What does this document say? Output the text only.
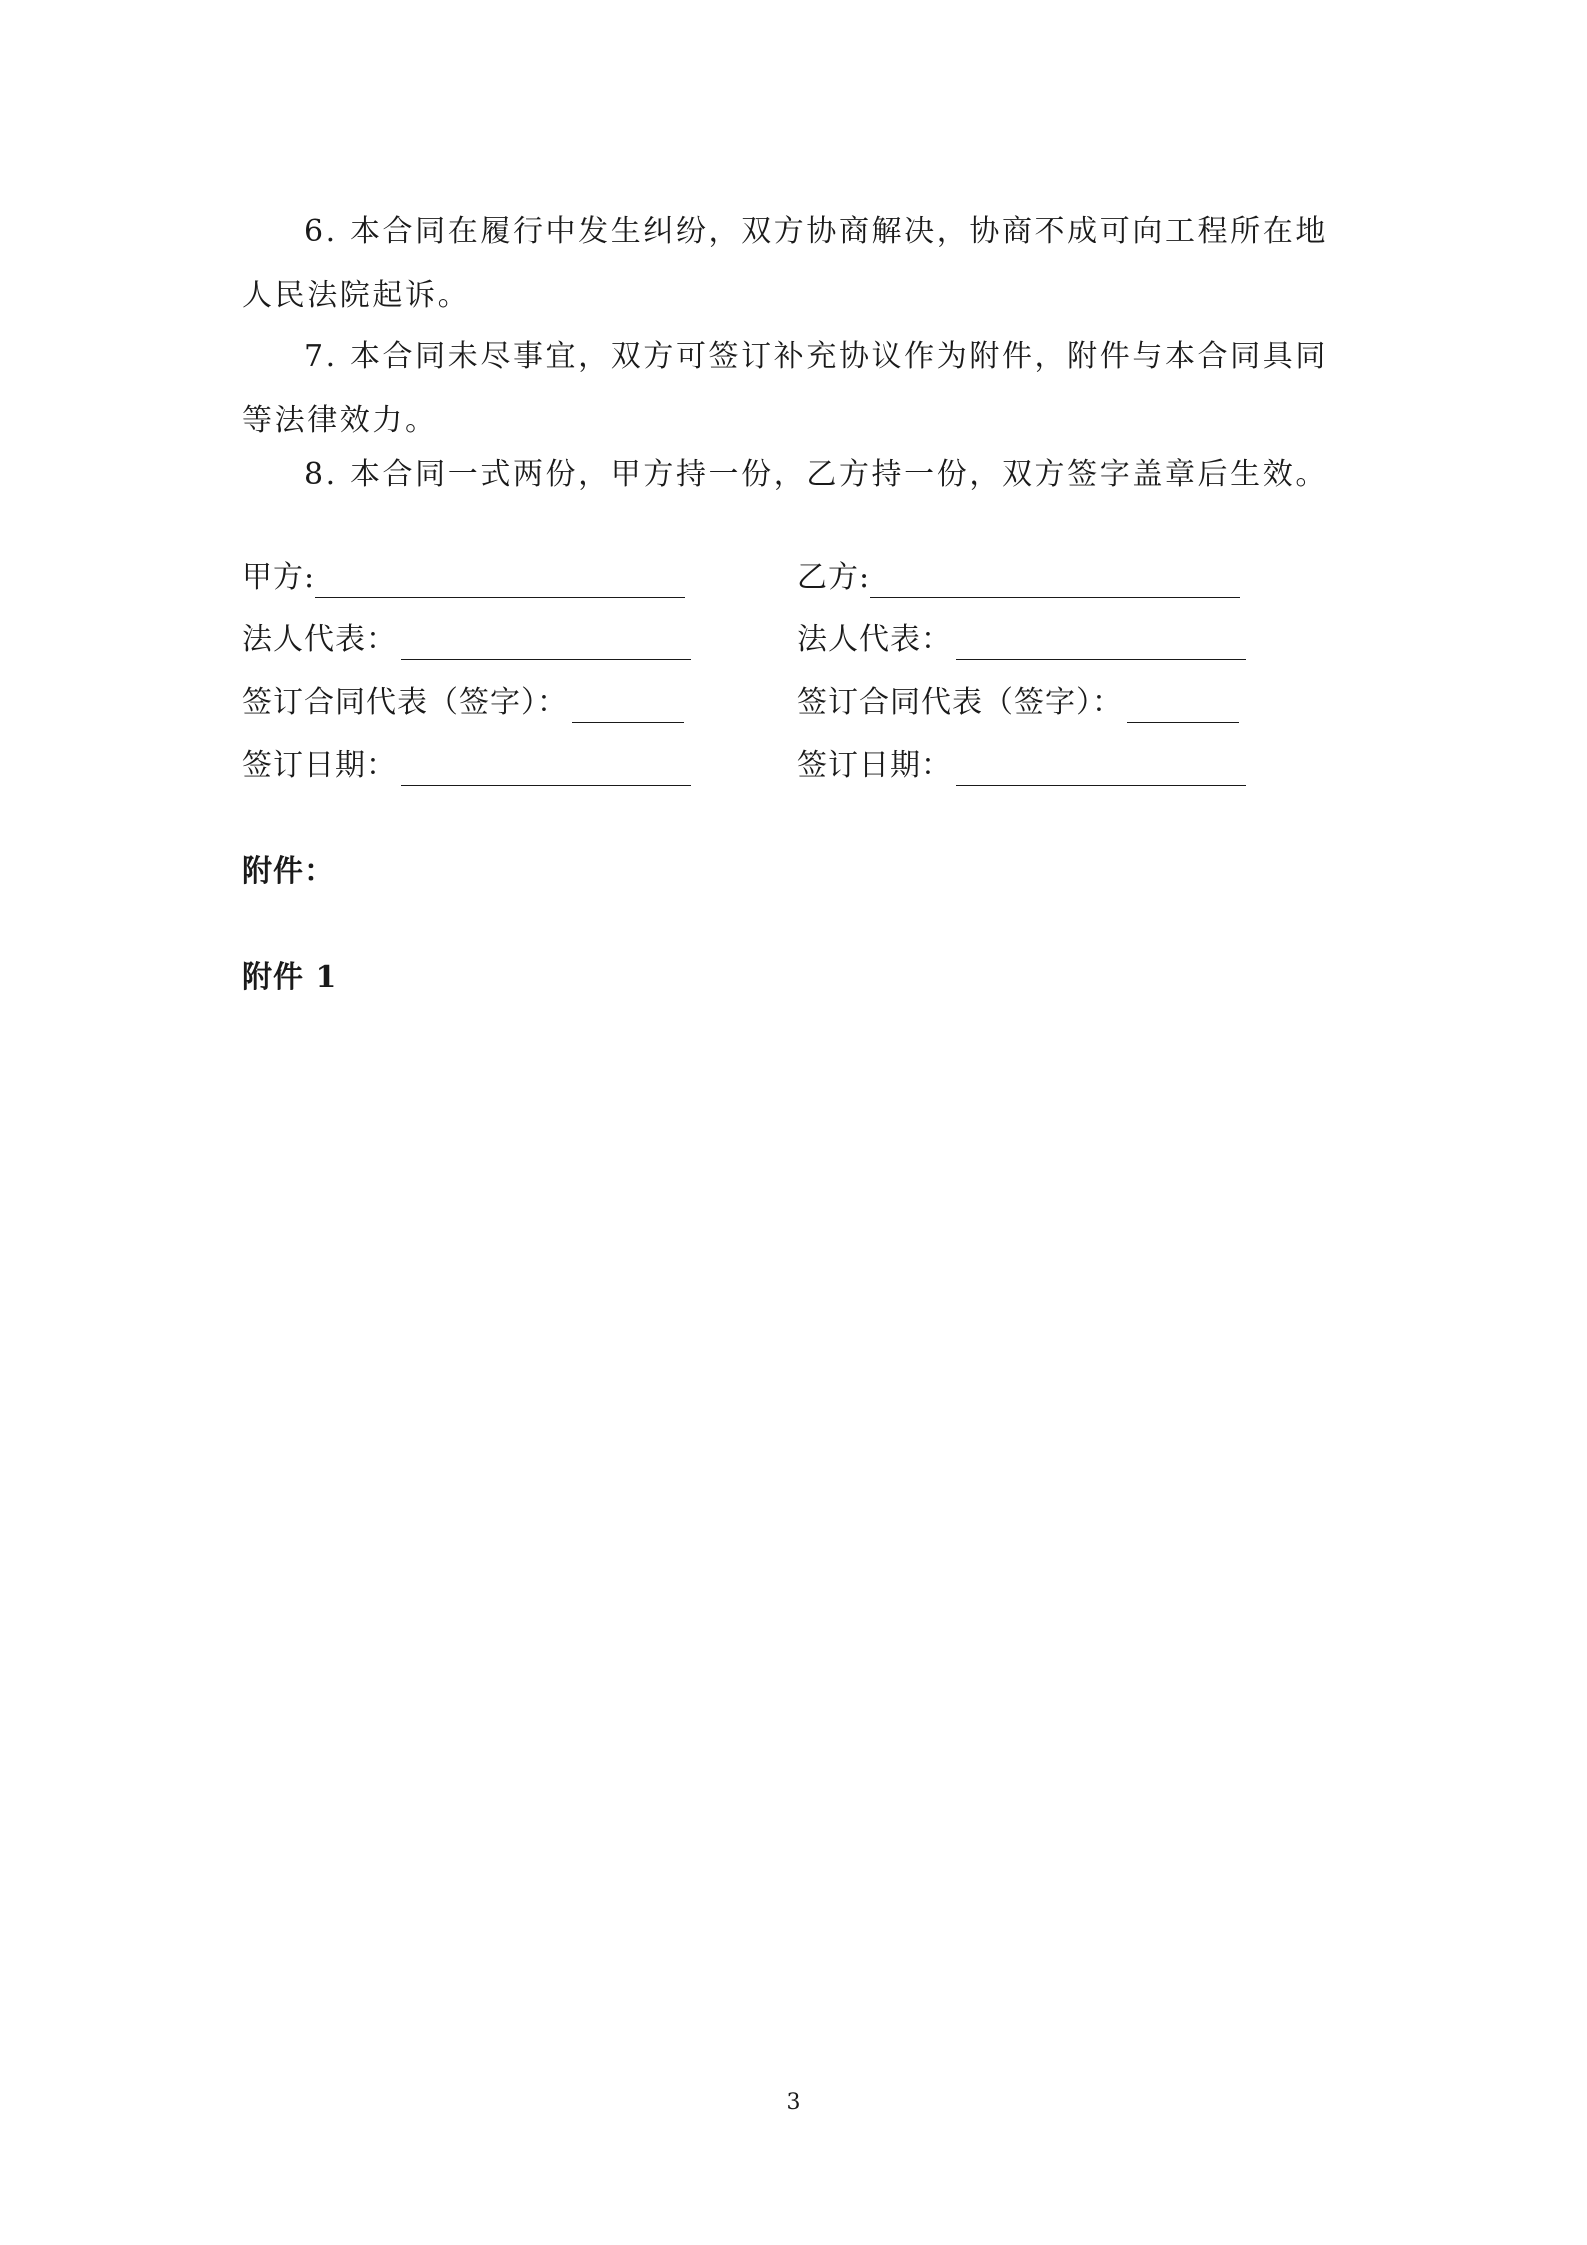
6. 本合同在履行中发生纠纷，双方协商解决，协商不成可向工程所在地人民法院起诉。

7. 本合同未尽事宜，双方可签订补充协议作为附件，附件与本合同具同等法律效力。

8. 本合同一式两份，甲方持一份，乙方持一份，双方签字盖章后生效。

甲方:
法人代表：
签订合同代表（签字）：
签订日期：
乙方:
法人代表：
签订合同代表（签字）：
签订日期：

附件：

附件 1

3
